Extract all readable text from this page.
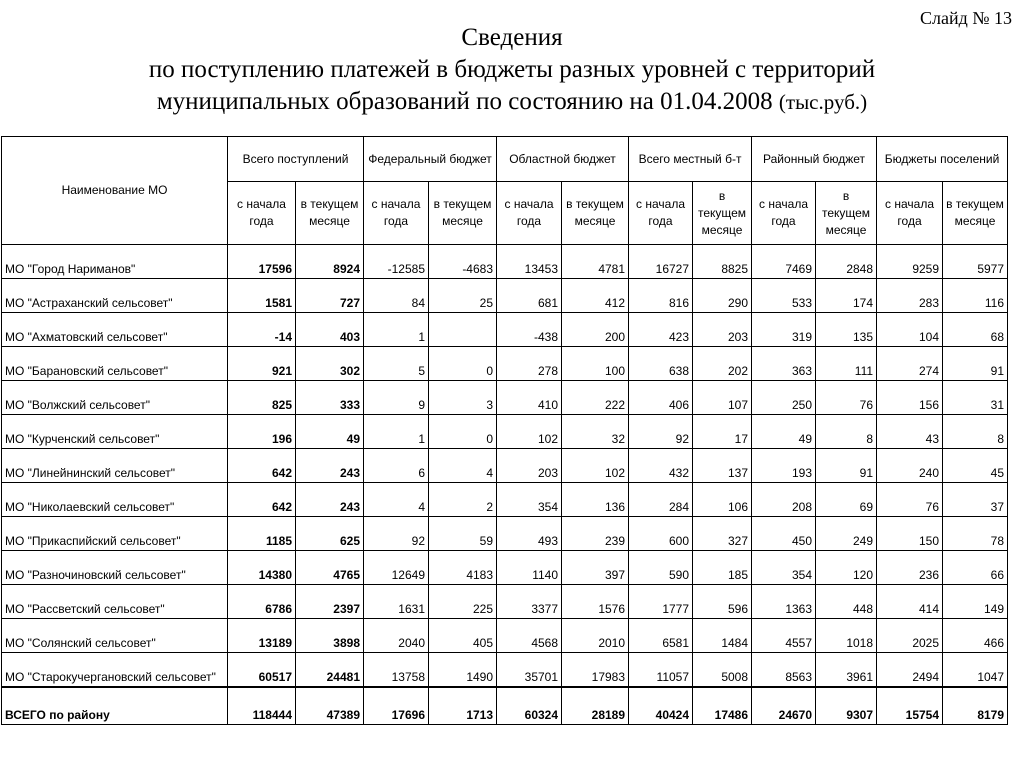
Слайд № 13
Сведения
по поступлению платежей в бюджеты разных уровней с территорий
муниципальных образований по состоянию на 01.04.2008 (тыс.руб.)
Наименование МО	Всего поступлений		Федеральный бюджет		Областной бюджет		Всего местный б-т		Районный бюджет		Бюджеты поселений	
	с начала года	в текущем месяце	с начала года	в текущем месяце	с начала года	в текущем месяце	с начала года	в текущем месяце	с начала года	в текущем месяце	с начала года	в текущем месяце
МО "Город Нариманов"	17596	8924	-12585	-4683	13453	4781	16727	8825	7469	2848	9259	5977
МО "Астраханский сельсовет"	1581	727	84	25	681	412	816	290	533	174	283	116
МО "Ахматовский сельсовет"	-14	403	1		-438	200	423	203	319	135	104	68
МО "Барановский сельсовет"	921	302	5	0	278	100	638	202	363	111	274	91
МО "Волжский сельсовет"	825	333	9	3	410	222	406	107	250	76	156	31
МО "Курченский сельсовет"	196	49	1	0	102	32	92	17	49	8	43	8
МО "Линейнинский сельсовет"	642	243	6	4	203	102	432	137	193	91	240	45
МО "Николаевский сельсовет"	642	243	4	2	354	136	284	106	208	69	76	37
МО "Прикаспийский сельсовет"	1185	625	92	59	493	239	600	327	450	249	150	78
МО "Разночиновский сельсовет"	14380	4765	12649	4183	1140	397	590	185	354	120	236	66
МО "Рассветский сельсовет"	6786	2397	1631	225	3377	1576	1777	596	1363	448	414	149
МО "Солянский сельсовет"	13189	3898	2040	405	4568	2010	6581	1484	4557	1018	2025	466
МО "Старокучергановский сельсовет"	60517	24481	13758	1490	35701	17983	11057	5008	8563	3961	2494	1047
ВСЕГО по району	118444	47389	17696	1713	60324	28189	40424	17486	24670	9307	15754	8179
